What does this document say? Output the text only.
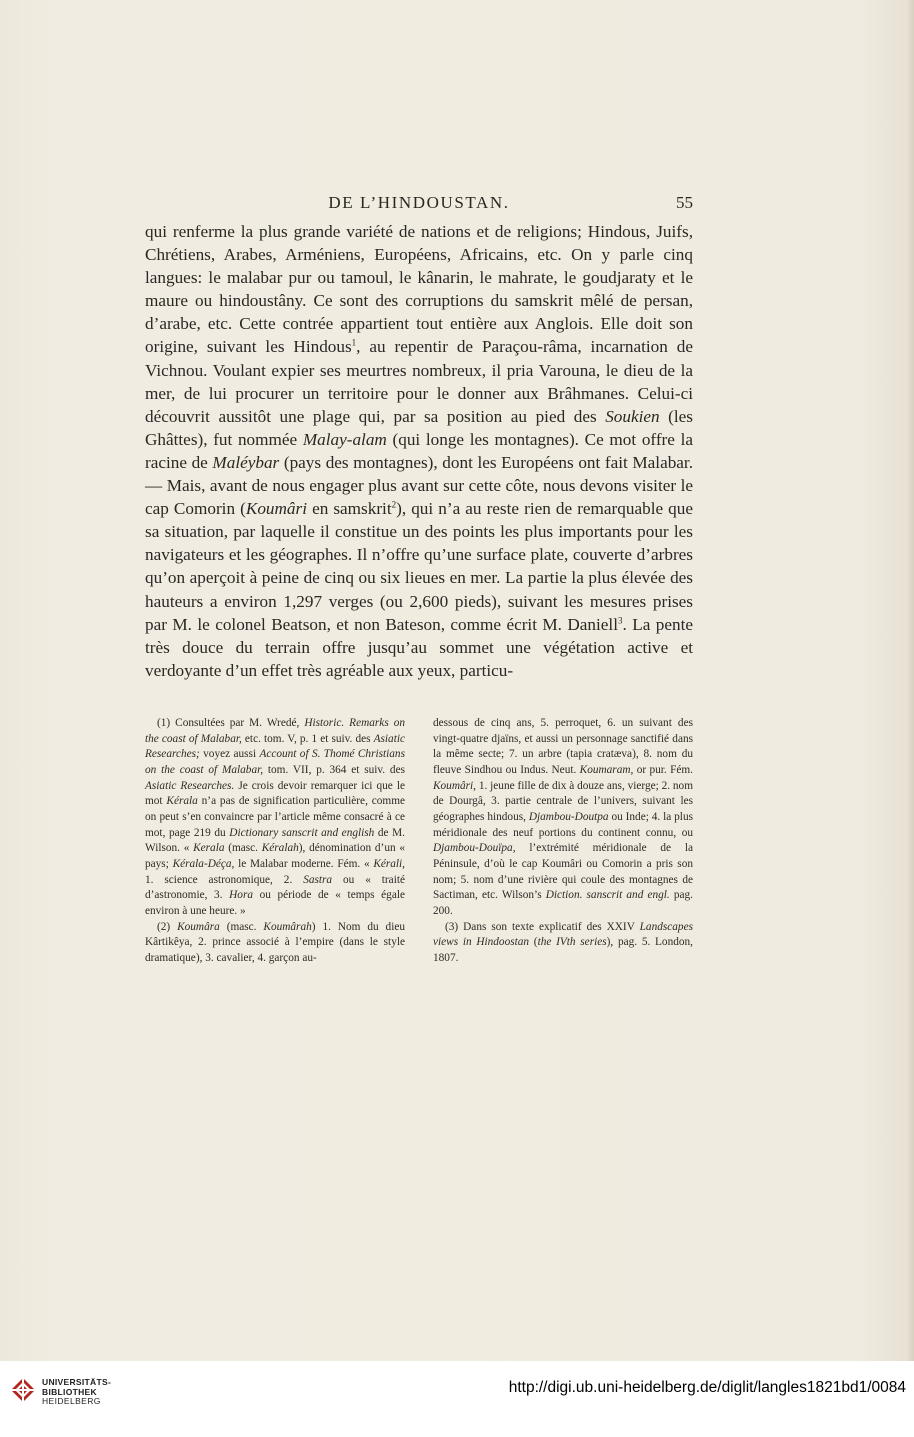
DE L’HINDOUSTAN.	55

qui renferme la plus grande variété de nations et de religions; Hindous, Juifs, Chrétiens, Arabes, Arméniens, Européens, Africains, etc. On y parle cinq langues: le malabar pur ou tamoul, le kânarin, le mahrate, le goudjaraty et le maure ou hindoustâny. Ce sont des corruptions du samskrit mêlé de persan, d’arabe, etc. Cette contrée appartient tout entière aux Anglois. Elle doit son origine, suivant les Hindous$^1$, au repentir de Paraçou-râma, incarnation de Vichnou. Voulant expier ses meurtres nombreux, il pria Varouna, le dieu de la mer, de lui procurer un territoire pour le donner aux Brâhmanes. Celui-ci découvrit aussitôt une plage qui, par sa position au pied des Soukien (les Ghâttes), fut nommée Malay-alam (qui longe les montagnes). Ce mot offre la racine de Maléybar (pays des montagnes), dont les Européens ont fait Malabar. — Mais, avant de nous engager plus avant sur cette côte, nous devons visiter le cap Comorin (Koumâri en samskrit$^2$), qui n’a au reste rien de remarquable que sa situation, par laquelle il constitue un des points les plus importants pour les navigateurs et les géographes. Il n’offre qu’une surface plate, couverte d’arbres qu’on aperçoit à peine de cinq ou six lieues en mer. La partie la plus élevée des hauteurs a environ 1,297 verges (ou 2,600 pieds), suivant les mesures prises par M. le colonel Beatson, et non Bateson, comme écrit M. Daniell$^3$. La pente très douce du terrain offre jusqu’au sommet une végétation active et verdoyante d’un effet très agréable aux yeux, particu-

(1) Consultées par M. Wredé, Historic. Remarks on the coast of Malabar, etc. tom. V, p. 1 et suiv. des Asiatic Researches; voyez aussi Account of S. Thomé Christians on the coast of Malabar, tom. VII, p. 364 et suiv. des Asiatic Researches. Je crois devoir remarquer ici que le mot Kérala n’a pas de signification particulière, comme on peut s’en convaincre par l’article même consacré à ce mot, page 219 du Dictionary sanscrit and english de M. Wilson. « Kerala (masc. Kéralah), dénomination d’un « pays; Kérala-Déça, le Malabar moderne. Fém. « Kérali, 1. science astronomique, 2. Sastra ou « traité d’astronomie, 3. Hora ou période de « temps égale environ à une heure. »

(2) Koumâra (masc. Koumârah) 1. Nom du dieu Kârtikêya, 2. prince associé à l’empire (dans le style dramatique), 3. cavalier, 4. garçon au-

dessous de cinq ans, 5. perroquet, 6. un suivant des vingt-quatre djaïns, et aussi un personnage sanctifié dans la même secte; 7. un arbre (tapia cratæva), 8. nom du fleuve Sindhou ou Indus. Neut. Koumaram, or pur. Fém. Koumâri, 1. jeune fille de dix à douze ans, vierge; 2. nom de Dourgâ, 3. partie centrale de l’univers, suivant les géographes hindous, Djambou-Doutpa ou Inde; 4. la plus méridionale des neuf portions du continent connu, ou Djambou-Douïpa, l’extrémité méridionale de la Péninsule, d’où le cap Koumâri ou Comorin a pris son nom; 5. nom d’une rivière qui coule des montagnes de Sactiman, etc. Wilson’s Diction. sanscrit and engl. pag. 200.

(3) Dans son texte explicatif des XXIV Landscapes views in Hindoostan (the IVth series), pag. 5. London, 1807.

UNIVERSITÄTS-
BIBLIOTHEK
HEIDELBERG
http://digi.ub.uni-heidelberg.de/diglit/langles1821bd1/0084
